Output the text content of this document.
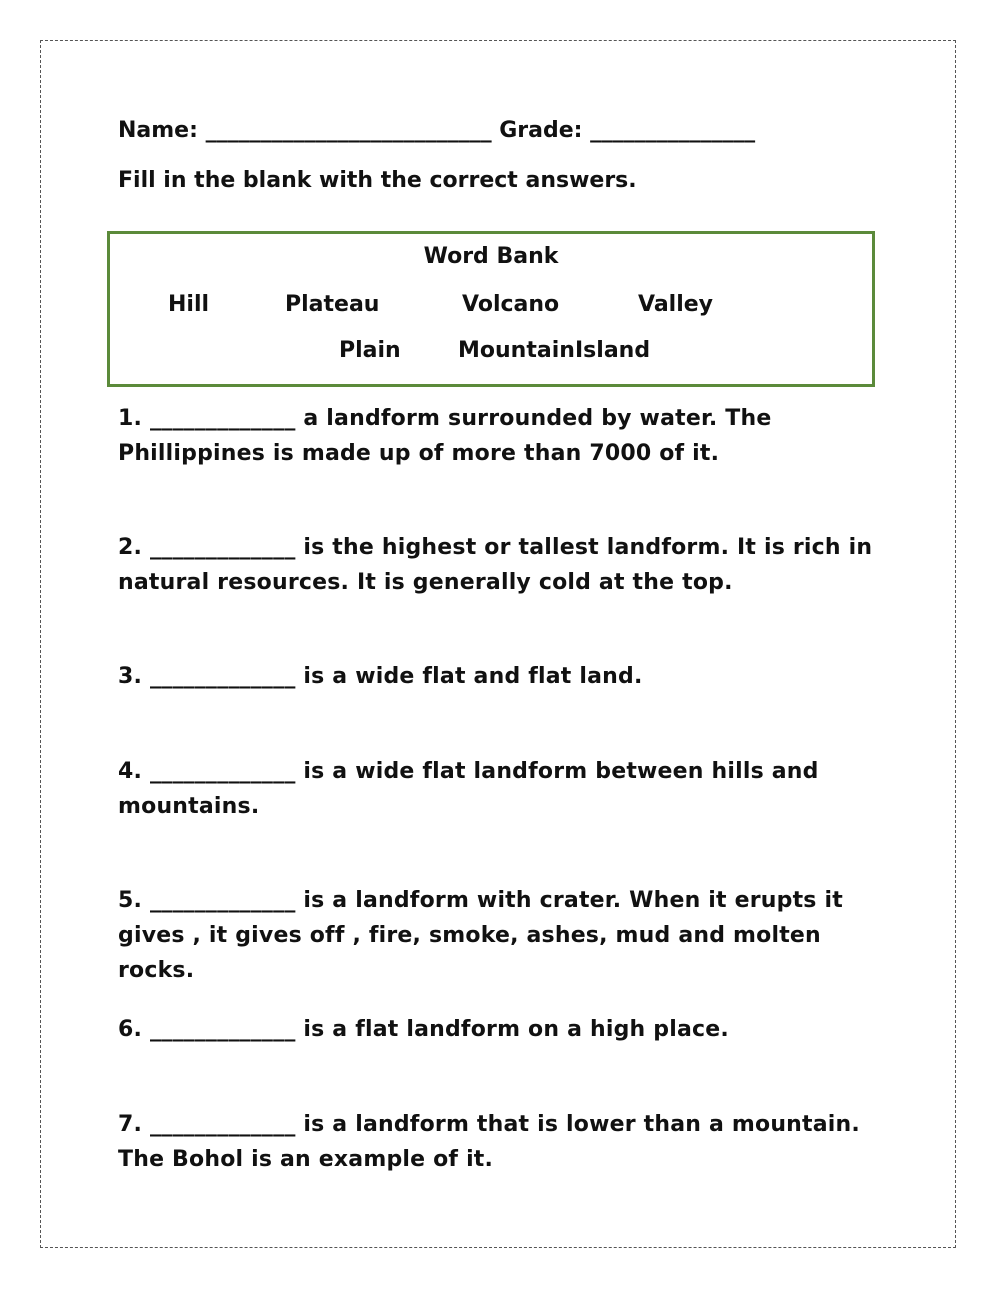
Name: __________________________ Grade: _______________
Fill in the blank with the correct answers.
Word Bank
Hill	Plateau	Volcano	Valley
Plain	Mountain Island
1. _____________ a landform surrounded by water. The Phillippines is made up of more than 7000 of it.
2. _____________ is the highest or tallest landform. It is rich in natural resources. It is generally cold at the top.
3. _____________ is a wide flat and flat land.
4. _____________ is a wide flat landform between hills and mountains.
5. _____________ is a landform with crater. When it erupts it gives , it gives off , fire, smoke, ashes, mud and molten rocks.
6. _____________ is a flat landform on a high place.
7. _____________ is a landform that is lower than a mountain. The Bohol is an example of it.
